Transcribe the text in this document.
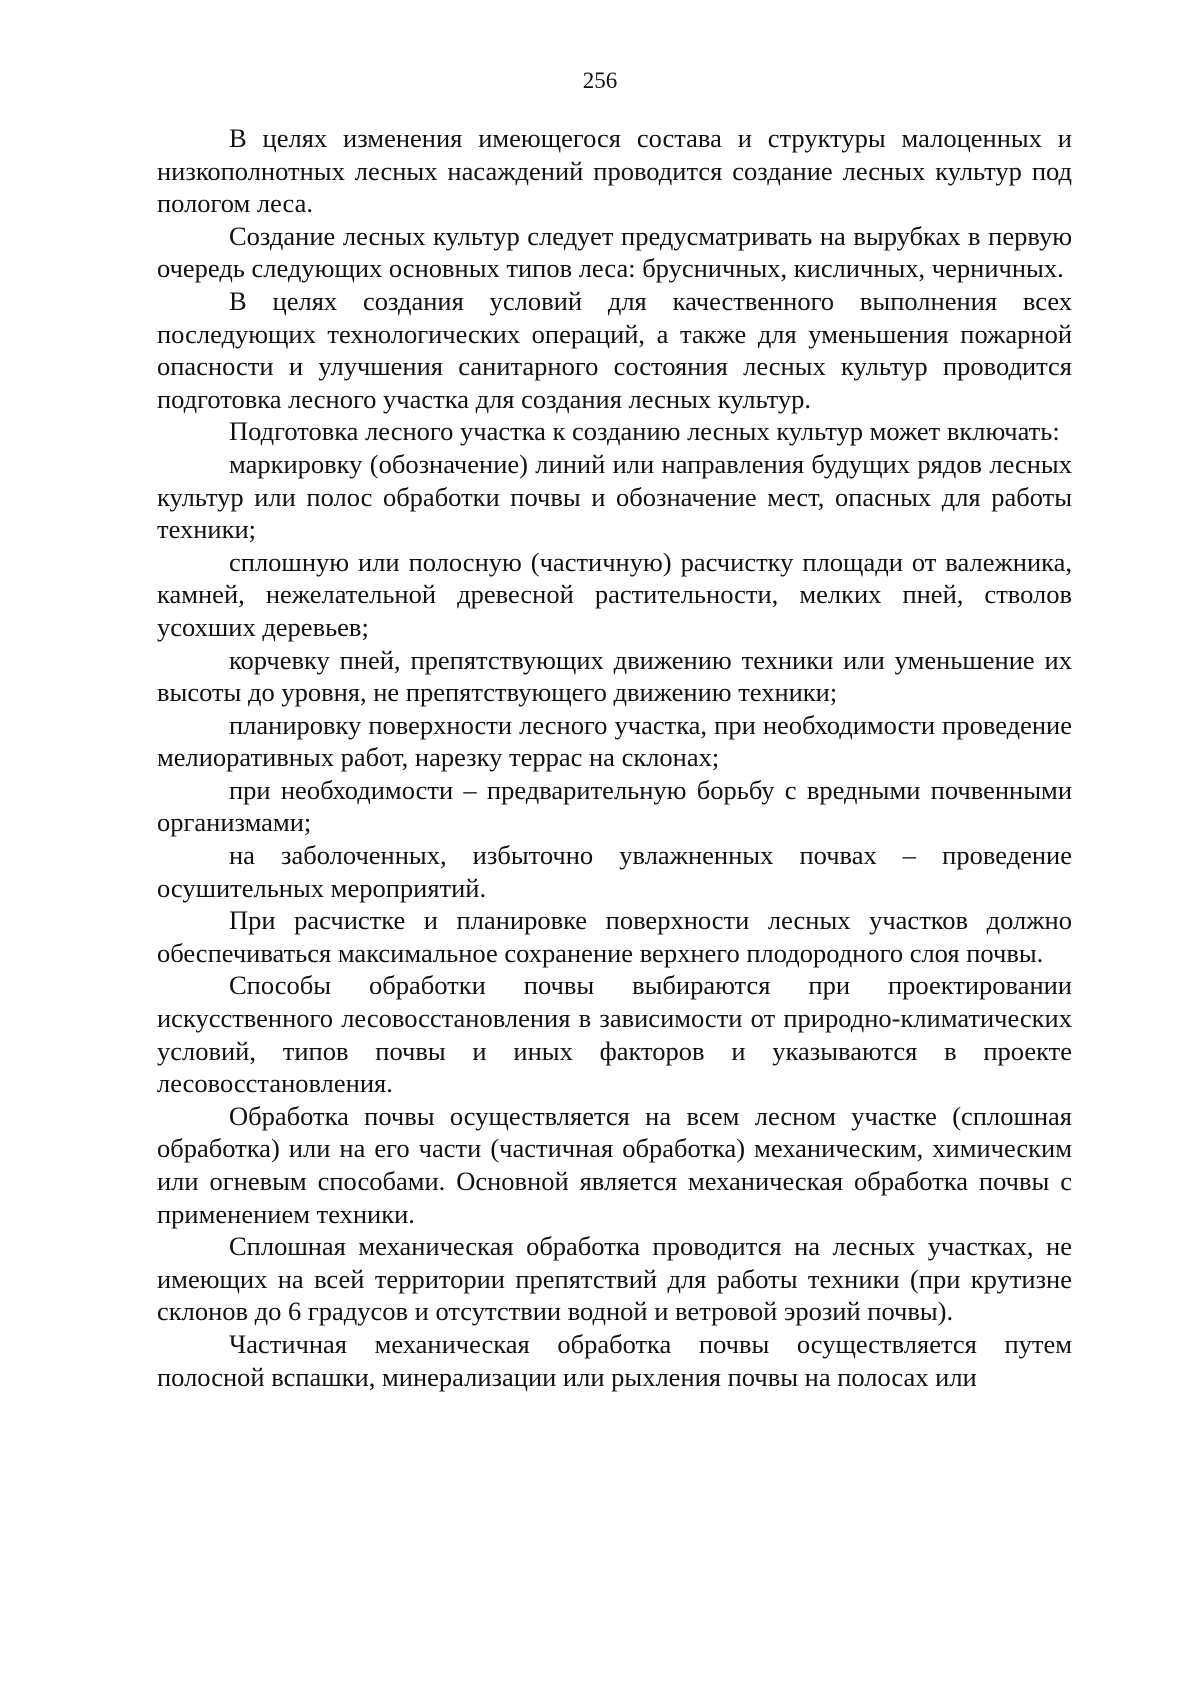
256

В целях изменения имеющегося состава и структуры малоценных и низкополнотных лесных насаждений проводится создание лесных культур под пологом леса.

Создание лесных культур следует предусматривать на вырубках в первую очередь следующих основных типов леса: брусничных, кисличных, черничных.

В целях создания условий для качественного выполнения всех последующих технологических операций, а также для уменьшения пожарной опасности и улучшения санитарного состояния лесных культур проводится подготовка лесного участка для создания лесных культур.

Подготовка лесного участка к созданию лесных культур может включать:

маркировку (обозначение) линий или направления будущих рядов лесных культур или полос обработки почвы и обозначение мест, опасных для работы техники;

сплошную или полосную (частичную) расчистку площади от валежника, камней, нежелательной древесной растительности, мелких пней, стволов усохших деревьев;

корчевку пней, препятствующих движению техники или уменьшение их высоты до уровня, не препятствующего движению техники;

планировку поверхности лесного участка, при необходимости проведение мелиоративных работ, нарезку террас на склонах;

при необходимости – предварительную борьбу с вредными почвенными организмами;

на заболоченных, избыточно увлажненных почвах – проведение осушительных мероприятий.

При расчистке и планировке поверхности лесных участков должно обеспечиваться максимальное сохранение верхнего плодородного слоя почвы.

Способы обработки почвы выбираются при проектировании искусственного лесовосстановления в зависимости от природно-климатических условий, типов почвы и иных факторов и указываются в проекте лесовосстановления.

Обработка почвы осуществляется на всем лесном участке (сплошная обработка) или на его части (частичная обработка) механическим, химическим или огневым способами. Основной является механическая обработка почвы с применением техники.

Сплошная механическая обработка проводится на лесных участках, не имеющих на всей территории препятствий для работы техники (при крутизне склонов до 6 градусов и отсутствии водной и ветровой эрозий почвы).

Частичная механическая обработка почвы осуществляется путем полосной вспашки, минерализации или рыхления почвы на полосах или
